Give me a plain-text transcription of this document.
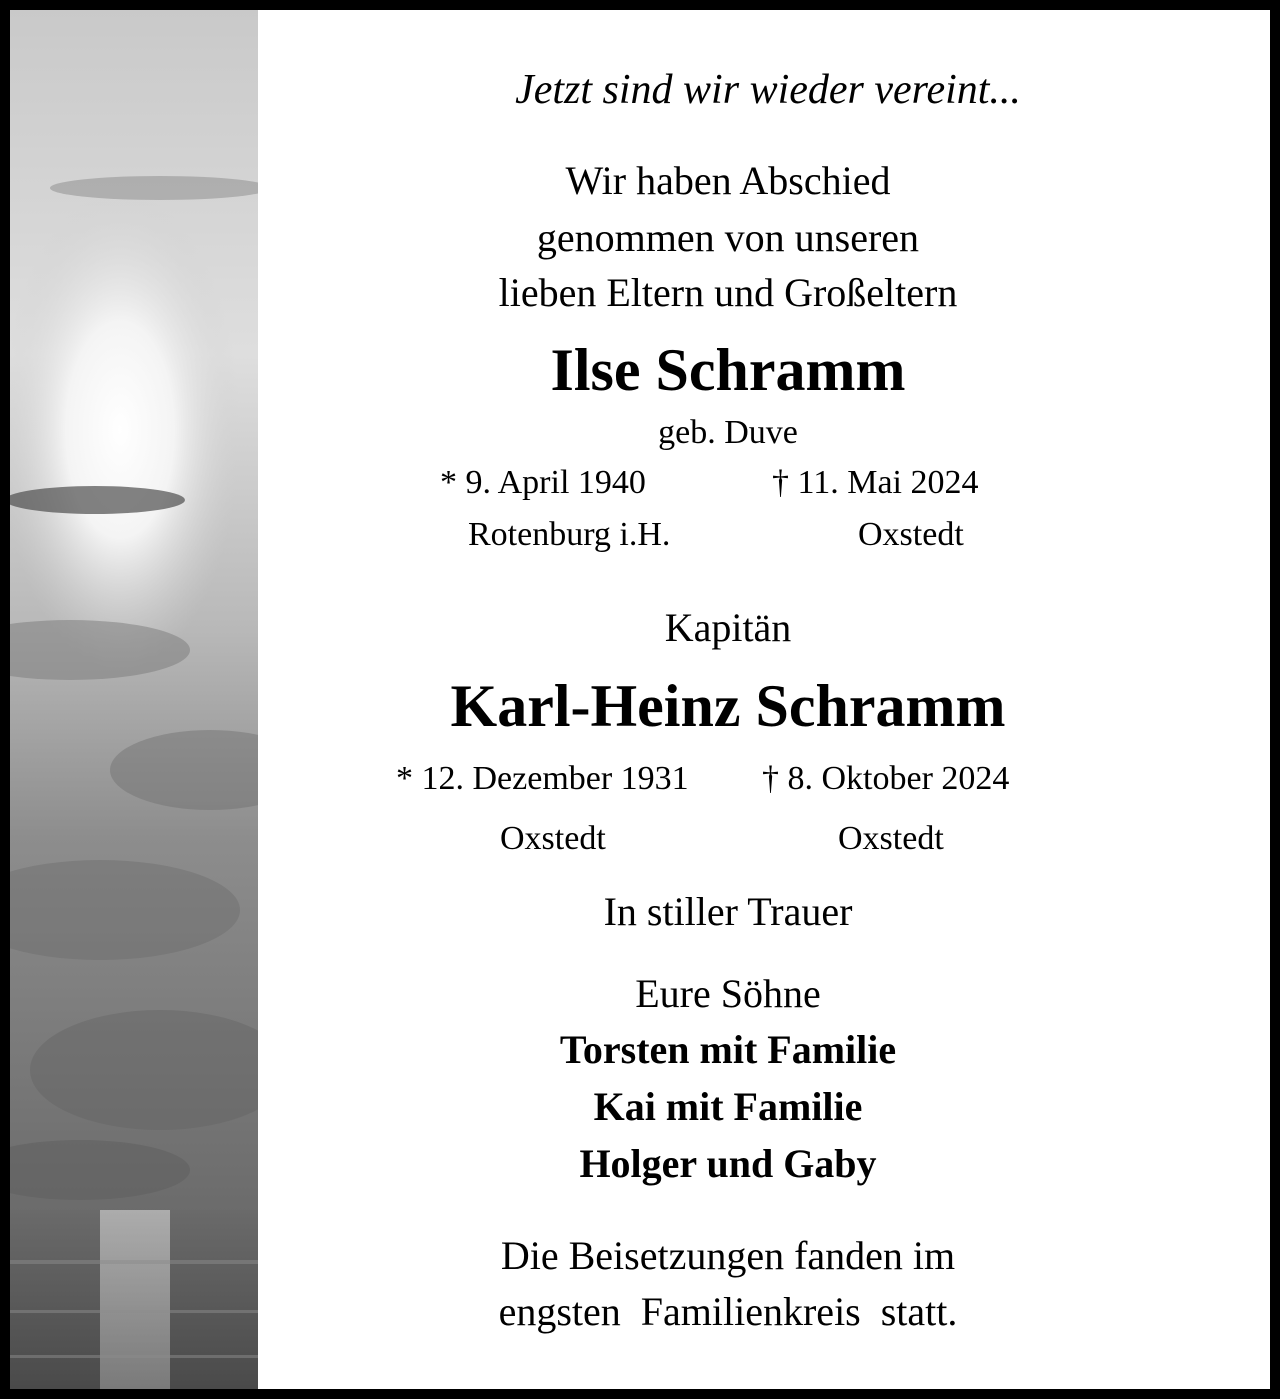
Jetzt sind wir wieder vereint...
Wir haben Abschied
genommen von unseren
lieben Eltern und Großeltern
Ilse Schramm
geb. Duve
* 9. April 1940	† 11. Mai 2024
Rotenburg i.H.	Oxstedt
Kapitän
Karl-Heinz Schramm
* 12. Dezember 1931 † 8. Oktober 2024
Oxstedt	Oxstedt
In stiller Trauer
Eure Söhne
Torsten mit Familie
Kai mit Familie
Holger und Gaby
Die Beisetzungen fanden im
engsten  Familienkreis  statt.
